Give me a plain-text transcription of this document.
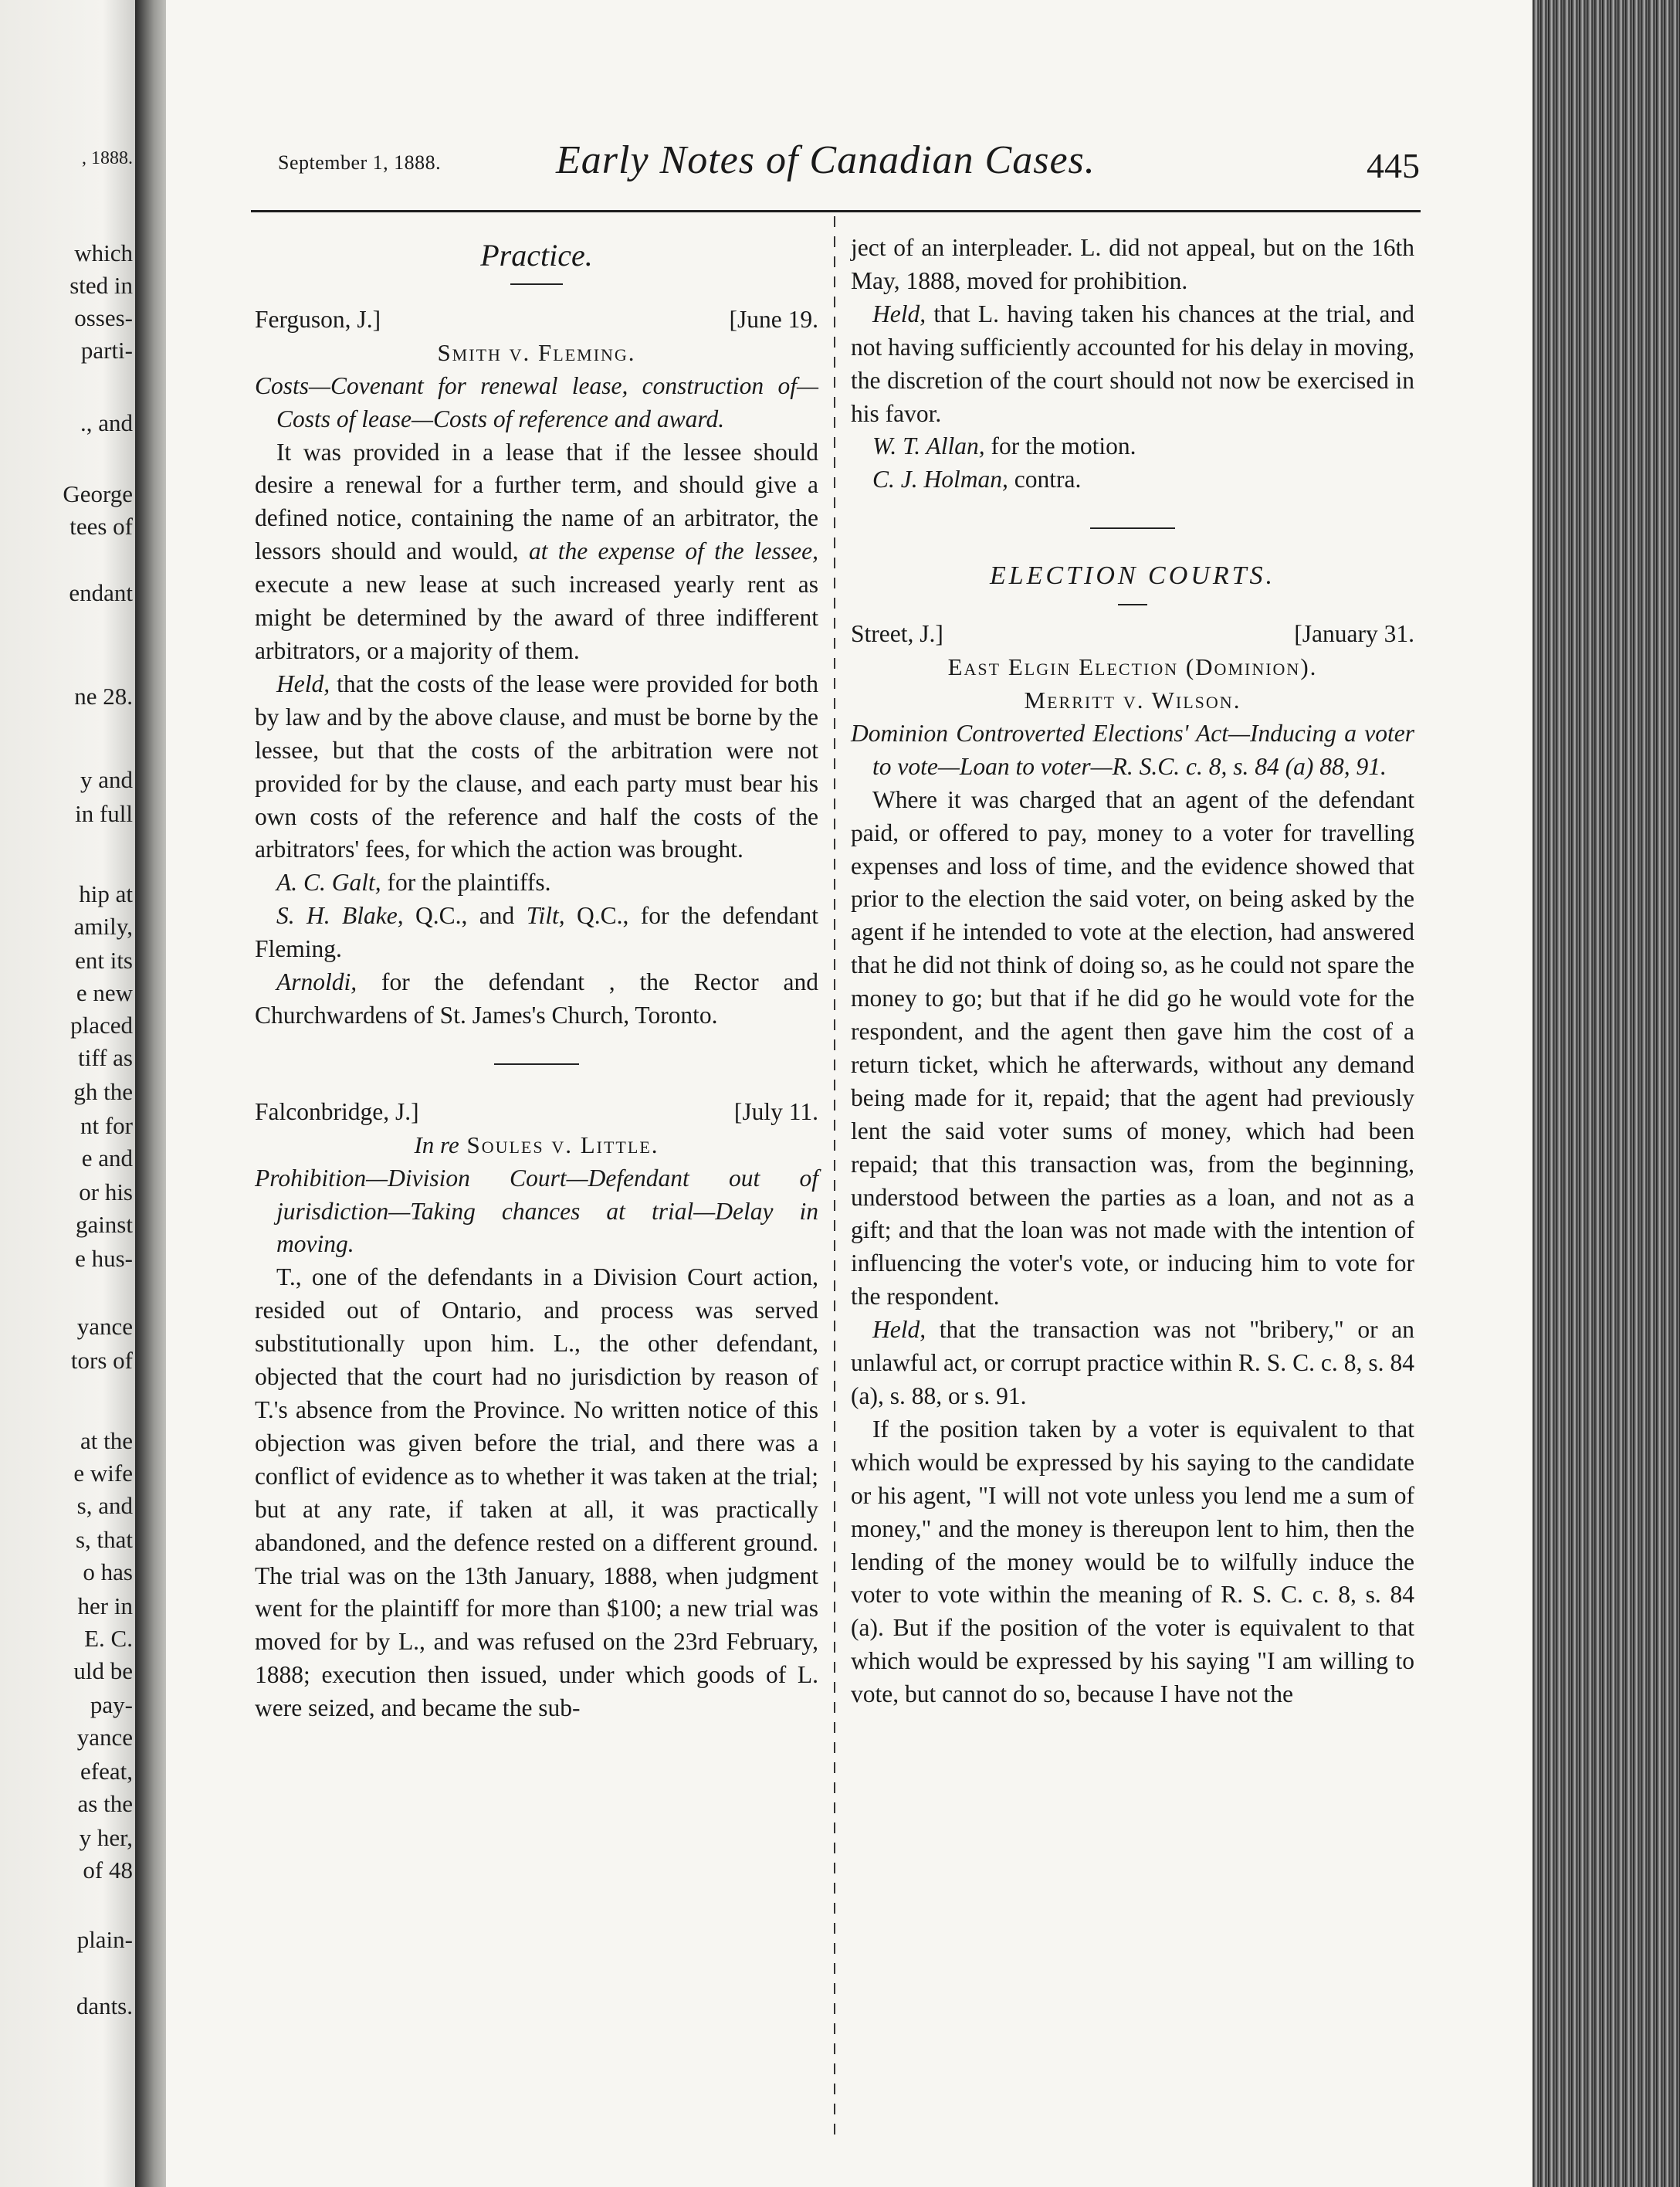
, 1888.
which
sted in
osses-
parti-
., and
George
tees of
endant
ne 28.
y and
in full
hip at
amily,
ent its
e new
placed
tiff as
gh the
nt for
e and
or his
gainst
e hus-
yance
tors of
at the
e wife
s, and
s, that
o has
her in
E. C.
uld be
pay-
yance
efeat,
as the
y her,
of 48
plain-
dants.
September 1, 1888.	Early Notes of Canadian Cases.	445
Practice.
Ferguson, J.]	[June 19.
Smith v. Fleming.

Costs—Covenant for renewal lease, construction of—Costs of lease—Costs of reference and award.

It was provided in a lease that if the lessee should desire a renewal for a further term, and should give a defined notice, containing the name of an arbitrator, the lessors should and would, at the expense of the lessee, execute a new lease at such increased yearly rent as might be determined by the award of three indifferent arbitrators, or a majority of them.

Held, that the costs of the lease were provided for both by law and by the above clause, and must be borne by the lessee, but that the costs of the arbitration were not provided for by the clause, and each party must bear his own costs of the reference and half the costs of the arbitrators' fees, for which the action was brought.

A. C. Galt, for the plaintiffs.

S. H. Blake, Q.C., and Tilt, Q.C., for the defendant Fleming.

Arnoldi, for the defendant , the Rector and Churchwardens of St. James's Church, Toronto.

Falconbridge, J.]	[July 11.
In re Soules v. Little.

Prohibition—Division Court—Defendant out of jurisdiction—Taking chances at trial—Delay in moving.

T., one of the defendants in a Division Court action, resided out of Ontario, and process was served substitutionally upon him. L., the other defendant, objected that the court had no jurisdiction by reason of T.'s absence from the Province. No written notice of this objection was given before the trial, and there was a conflict of evidence as to whether it was taken at the trial; but at any rate, if taken at all, it was practically abandoned, and the defence rested on a different ground. The trial was on the 13th January, 1888, when judgment went for the plaintiff for more than $100; a new trial was moved for by L., and was refused on the 23rd February, 1888; execution then issued, under which goods of L. were seized, and became the sub-

ject of an interpleader. L. did not appeal, but on the 16th May, 1888, moved for prohibition.

Held, that L. having taken his chances at the trial, and not having sufficiently accounted for his delay in moving, the discretion of the court should not now be exercised in his favor.

W. T. Allan, for the motion.

C. J. Holman, contra.

ELECTION COURTS.
Street, J.]	[January 31.
East Elgin Election (Dominion).
Merritt v. Wilson.

Dominion Controverted Elections' Act—Inducing a voter to vote—Loan to voter—R. S.C. c. 8, s. 84 (a) 88, 91.

Where it was charged that an agent of the defendant paid, or offered to pay, money to a voter for travelling expenses and loss of time, and the evidence showed that prior to the election the said voter, on being asked by the agent if he intended to vote at the election, had answered that he did not think of doing so, as he could not spare the money to go; but that if he did go he would vote for the respondent, and the agent then gave him the cost of a return ticket, which he afterwards, without any demand being made for it, repaid; that the agent had previously lent the said voter sums of money, which had been repaid; that this transaction was, from the beginning, understood between the parties as a loan, and not as a gift; and that the loan was not made with the intention of influencing the voter's vote, or inducing him to vote for the respondent.

Held, that the transaction was not "bribery," or an unlawful act, or corrupt practice within R. S. C. c. 8, s. 84 (a), s. 88, or s. 91.

If the position taken by a voter is equivalent to that which would be expressed by his saying to the candidate or his agent, "I will not vote unless you lend me a sum of money," and the money is thereupon lent to him, then the lending of the money would be to wilfully induce the voter to vote within the meaning of R. S. C. c. 8, s. 84 (a). But if the position of the voter is equivalent to that which would be expressed by his saying "I am willing to vote, but cannot do so, because I have not the
